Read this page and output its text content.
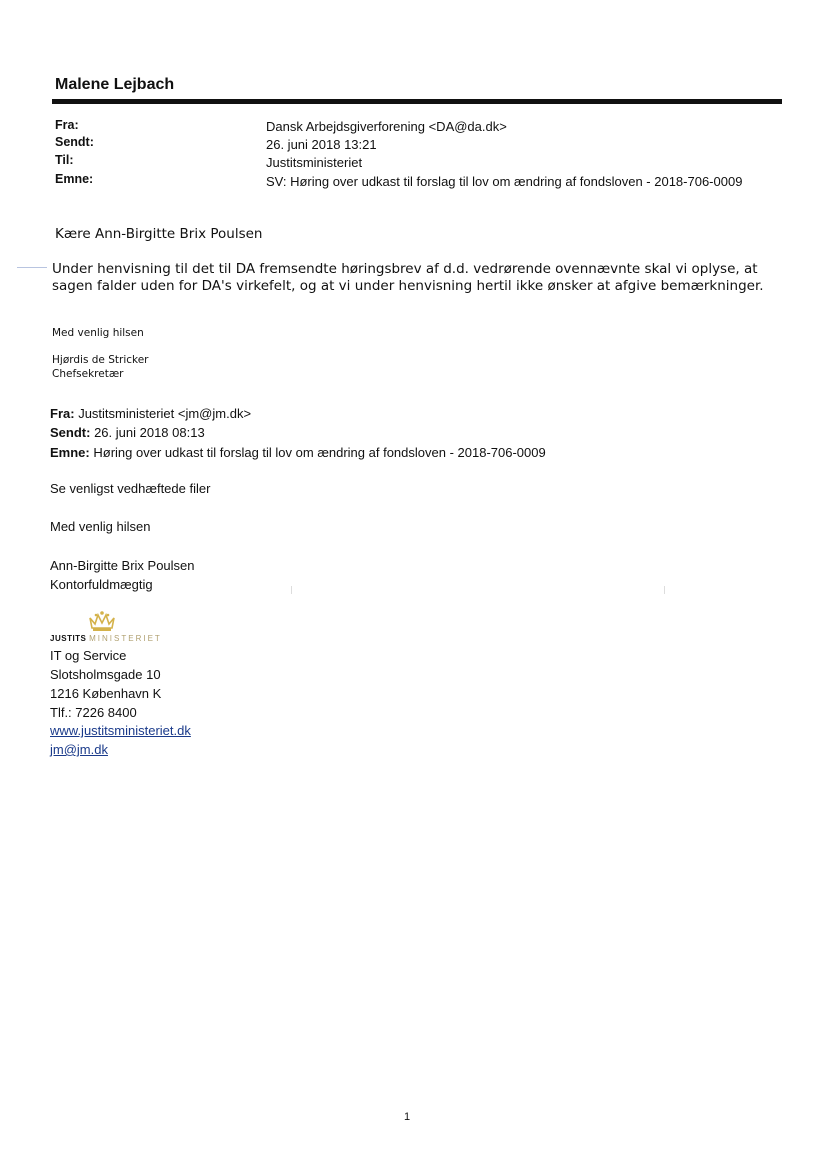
Malene Lejbach
Fra:
Sendt:
Til:
Emne:
Dansk Arbejdsgiverforening <DA@da.dk>
26. juni 2018 13:21
Justitsministeriet
SV: Høring over udkast til forslag til lov om ændring af fondsloven - 2018-706-0009
Kære Ann-Birgitte Brix Poulsen
Under henvisning til det til DA fremsendte høringsbrev af d.d. vedrørende ovennævnte skal vi oplyse, at sagen falder uden for DA's virkefelt, og at vi under henvisning hertil ikke ønsker at afgive bemærkninger.
Med venlig hilsen
Hjørdis de Stricker
Chefsekretær
Fra: Justitsministeriet <jm@jm.dk>
Sendt: 26. juni 2018 08:13
Emne: Høring over udkast til forslag til lov om ændring af fondsloven - 2018-706-0009
Se venligst vedhæftede filer
Med venlig hilsen
Ann-Birgitte Brix Poulsen
Kontorfuldmægtig
JUSTITS MINISTERIET
IT og Service
Slotsholmsgade 10
1216 København K
Tlf.: 7226 8400
www.justitsministeriet.dk
jm@jm.dk
1
